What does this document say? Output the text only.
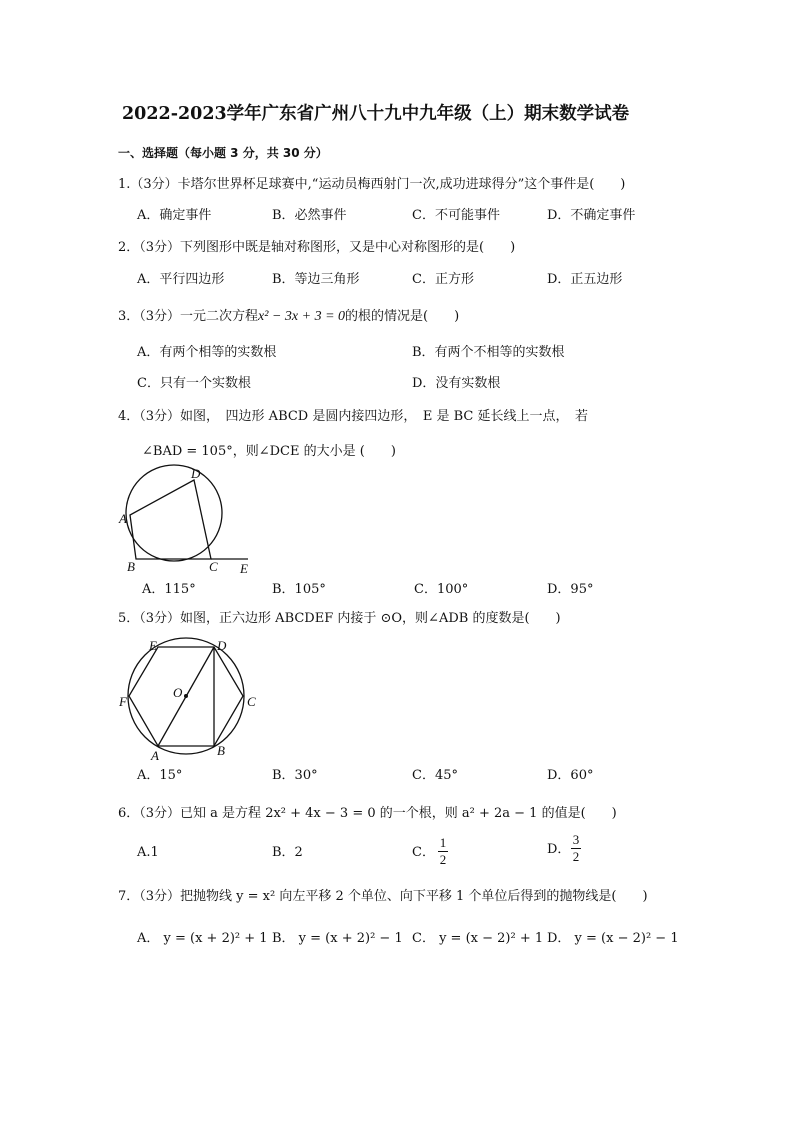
2022-2023学年广东省广州八十九中九年级（上）期末数学试卷
一、选择题（每小题 3 分，共 30 分）
1.（3分）卡塔尔世界杯足球赛中,“运动员梅西射门一次,成功进球得分”这个事件是(　　)
A．确定事件	B．必然事件	C．不可能事件	D．不确定事件
2．（3分）下列图形中既是轴对称图形，又是中心对称图形的是(　　)
A．平行四边形	B．等边三角形	C．正方形	D．正五边形
3．（3分）一元二次方程x² − 3x + 3 = 0的根的情况是(　　)
A．有两个相等的实数根	B．有两个不相等的实数根
C．只有一个实数根	D．没有实数根
4．（3分）如图，　四边形 ABCD 是圆内接四边形，　E 是 BC 延长线上一点，　若
∠BAD = 105°，则∠DCE 的大小是 (　　)
A
B	C
D
E
A．115°	B．105°	C．100°	D．95°
5．（3分）如图，正六边形 ABCDEF 内接于 ⊙O，则∠ADB 的度数是(　　)
O
A	B
C
D
E
F
A．15°	B．30°	C．45°	D．60°
6．（3分）已知 a 是方程 2x² + 4x − 3 = 0 的一个根，则 a² + 2a − 1 的值是(　　)
A.1	B．2	C．
1
2
D．
3
2
7．（3分）把抛物线 y = x² 向左平移 2 个单位、向下平移 1 个单位后得到的抛物线是(　　)
A． y = (x + 2)² + 1 B． y = (x + 2)² − 1 C． y = (x − 2)² + 1 D． y = (x − 2)² − 1
